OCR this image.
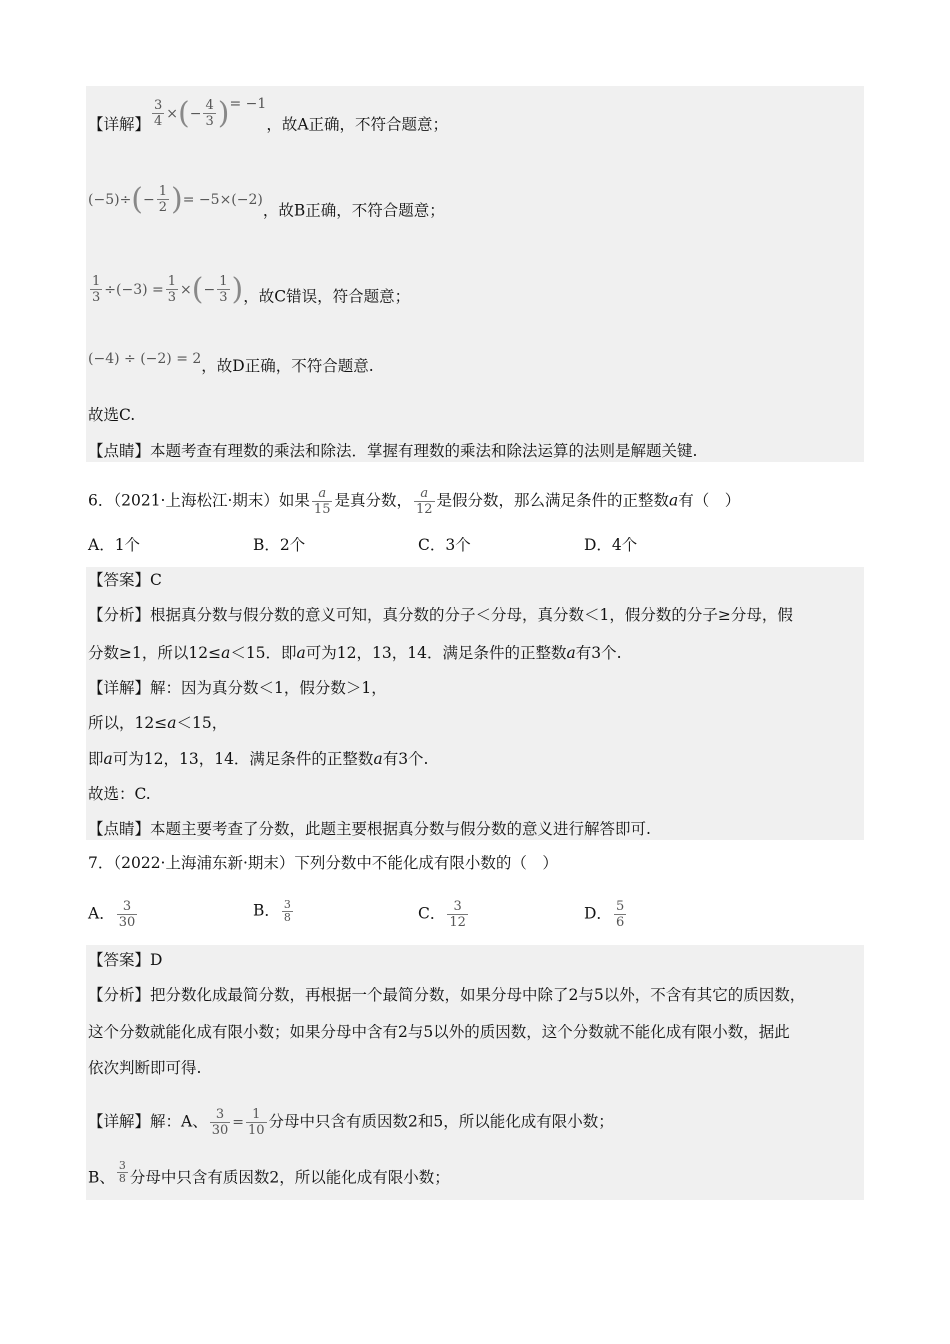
【详解】 $\frac{3}{4}$ ×(− $\frac{4}{3}$ )= −1，故A正确，不符合题意；
$(-5)\div(- \frac{1}{2}$ )= −5×(−2)，故B正确，不符合题意；
$\frac{1}{3} \div(-3) = \frac{1}{3}$ ×(− $\frac{1}{3}$ )，故C错误，符合题意；
(−4) ÷ (−2) = 2，故D正确，不符合题意.
故选C.
【点睛】本题考查有理数的乘法和除法．掌握有理数的乘法和除法运算的法则是解题关键.
6．（2021·上海松江·期末）如果 $\frac{a}{15}$ 是真分数， $\frac{a}{12}$ 是假分数，那么满足条件的正整数a有（　）
A．1个	B．2个	C．3个	D．4个
【答案】C
【分析】根据真分数与假分数的意义可知，真分数的分子＜分母，真分数＜1，假分数的分子≥分母，假
分数≥1，所以12≤a＜15．即a可为12，13，14．满足条件的正整数a有3个.
【详解】解：因为真分数＜1，假分数＞1，
所以，12≤a＜15，
即a可为12，13，14．满足条件的正整数a有3个.
故选：C.
【点睛】本题主要考查了分数，此题主要根据真分数与假分数的意义进行解答即可.
7．（2022·上海浦东新·期末）下列分数中不能化成有限小数的（　）
A． $\frac{3}{30}$	B． $\frac{3}{8}$	C． $\frac{3}{12}$	D． $\frac{5}{6}$
【答案】D
【分析】把分数化成最简分数，再根据一个最简分数，如果分母中除了2与5以外，不含有其它的质因数，
这个分数就能化成有限小数；如果分母中含有2与5以外的质因数，这个分数就不能化成有限小数，据此
依次判断即可得.
【详解】解：A、 $\frac{3}{30} = \frac{1}{10}$ 分母中只含有质因数2和5，所以能化成有限小数；
B、 $\frac{3}{8}$ 分母中只含有质因数2，所以能化成有限小数；
